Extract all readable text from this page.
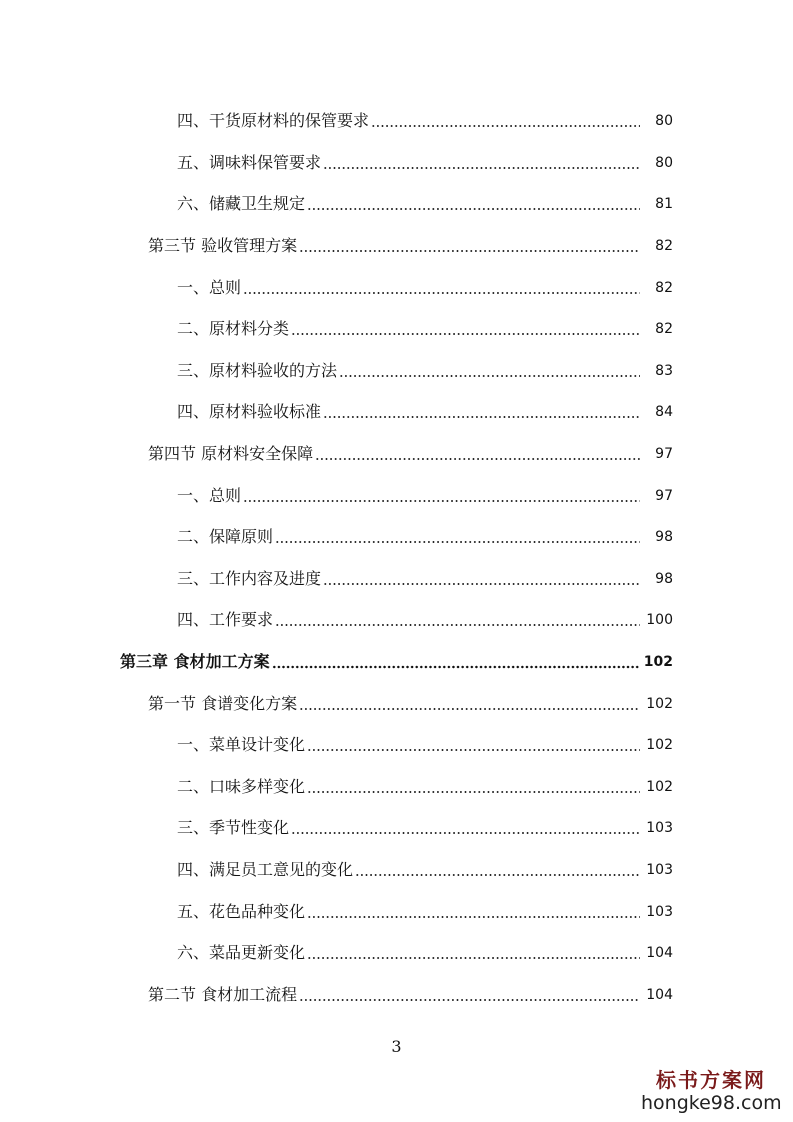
四、干货原材料的保管要求	80
五、调味料保管要求	80
六、储藏卫生规定	81
第三节 验收管理方案	82
一、总则	82
二、原材料分类	82
三、原材料验收的方法	83
四、原材料验收标准	84
第四节 原材料安全保障	97
一、总则	97
二、保障原则	98
三、工作内容及进度	98
四、工作要求	100
第三章 食材加工方案	102
第一节 食谱变化方案	102
一、菜单设计变化	102
二、口味多样变化	102
三、季节性变化	103
四、满足员工意见的变化	103
五、花色品种变化	103
六、菜品更新变化	104
第二节 食材加工流程	104
3
标书方案网
hongke98.com
